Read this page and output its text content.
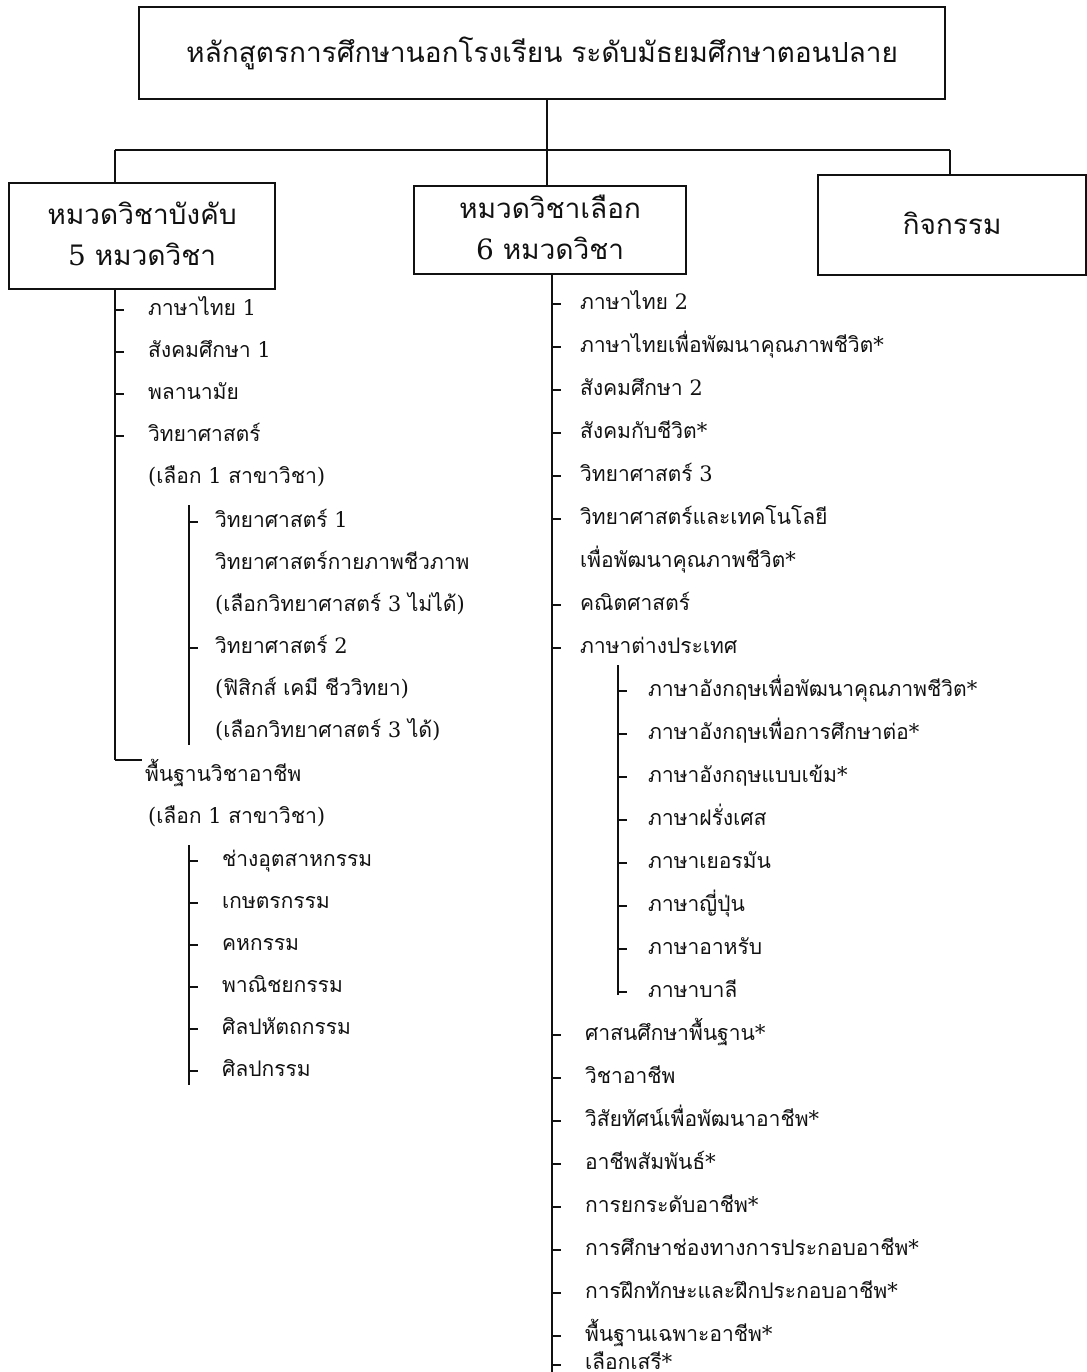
หลักสูตรการศึกษานอกโรงเรียน ระดับมัธยมศึกษาตอนปลาย
หมวดวิชาบังคับ
5 หมวดวิชา
หมวดวิชาเลือก
6 หมวดวิชา
กิจกรรม
ภาษาไทย 1
สังคมศึกษา 1
พลานามัย
วิทยาศาสตร์
(เลือก 1 สาขาวิชา)
วิทยาศาสตร์ 1
วิทยาศาสตร์กายภาพชีวภาพ
(เลือกวิทยาศาสตร์ 3 ไม่ได้)
วิทยาศาสตร์ 2
(ฟิสิกส์ เคมี ชีววิทยา)
(เลือกวิทยาศาสตร์ 3 ได้)
พื้นฐานวิชาอาชีพ
(เลือก 1 สาขาวิชา)
ช่างอุตสาหกรรม
เกษตรกรรม
คหกรรม
พาณิชยกรรม
ศิลปหัตถกรรม
ศิลปกรรม
ภาษาไทย 2
ภาษาไทยเพื่อพัฒนาคุณภาพชีวิต*
สังคมศึกษา 2
สังคมกับชีวิต*
วิทยาศาสตร์ 3
วิทยาศาสตร์และเทคโนโลยี
เพื่อพัฒนาคุณภาพชีวิต*
คณิตศาสตร์
ภาษาต่างประเทศ
ภาษาอังกฤษเพื่อพัฒนาคุณภาพชีวิต*
ภาษาอังกฤษเพื่อการศึกษาต่อ*
ภาษาอังกฤษแบบเข้ม*
ภาษาฝรั่งเศส
ภาษาเยอรมัน
ภาษาญี่ปุ่น
ภาษาอาหรับ
ภาษาบาลี
ศาสนศึกษาพื้นฐาน*
วิชาอาชีพ
วิสัยทัศน์เพื่อพัฒนาอาชีพ*
อาชีพสัมพันธ์*
การยกระดับอาชีพ*
การศึกษาช่องทางการประกอบอาชีพ*
การฝึกทักษะและฝึกประกอบอาชีพ*
พื้นฐานเฉพาะอาชีพ*
เลือกเสรี*
